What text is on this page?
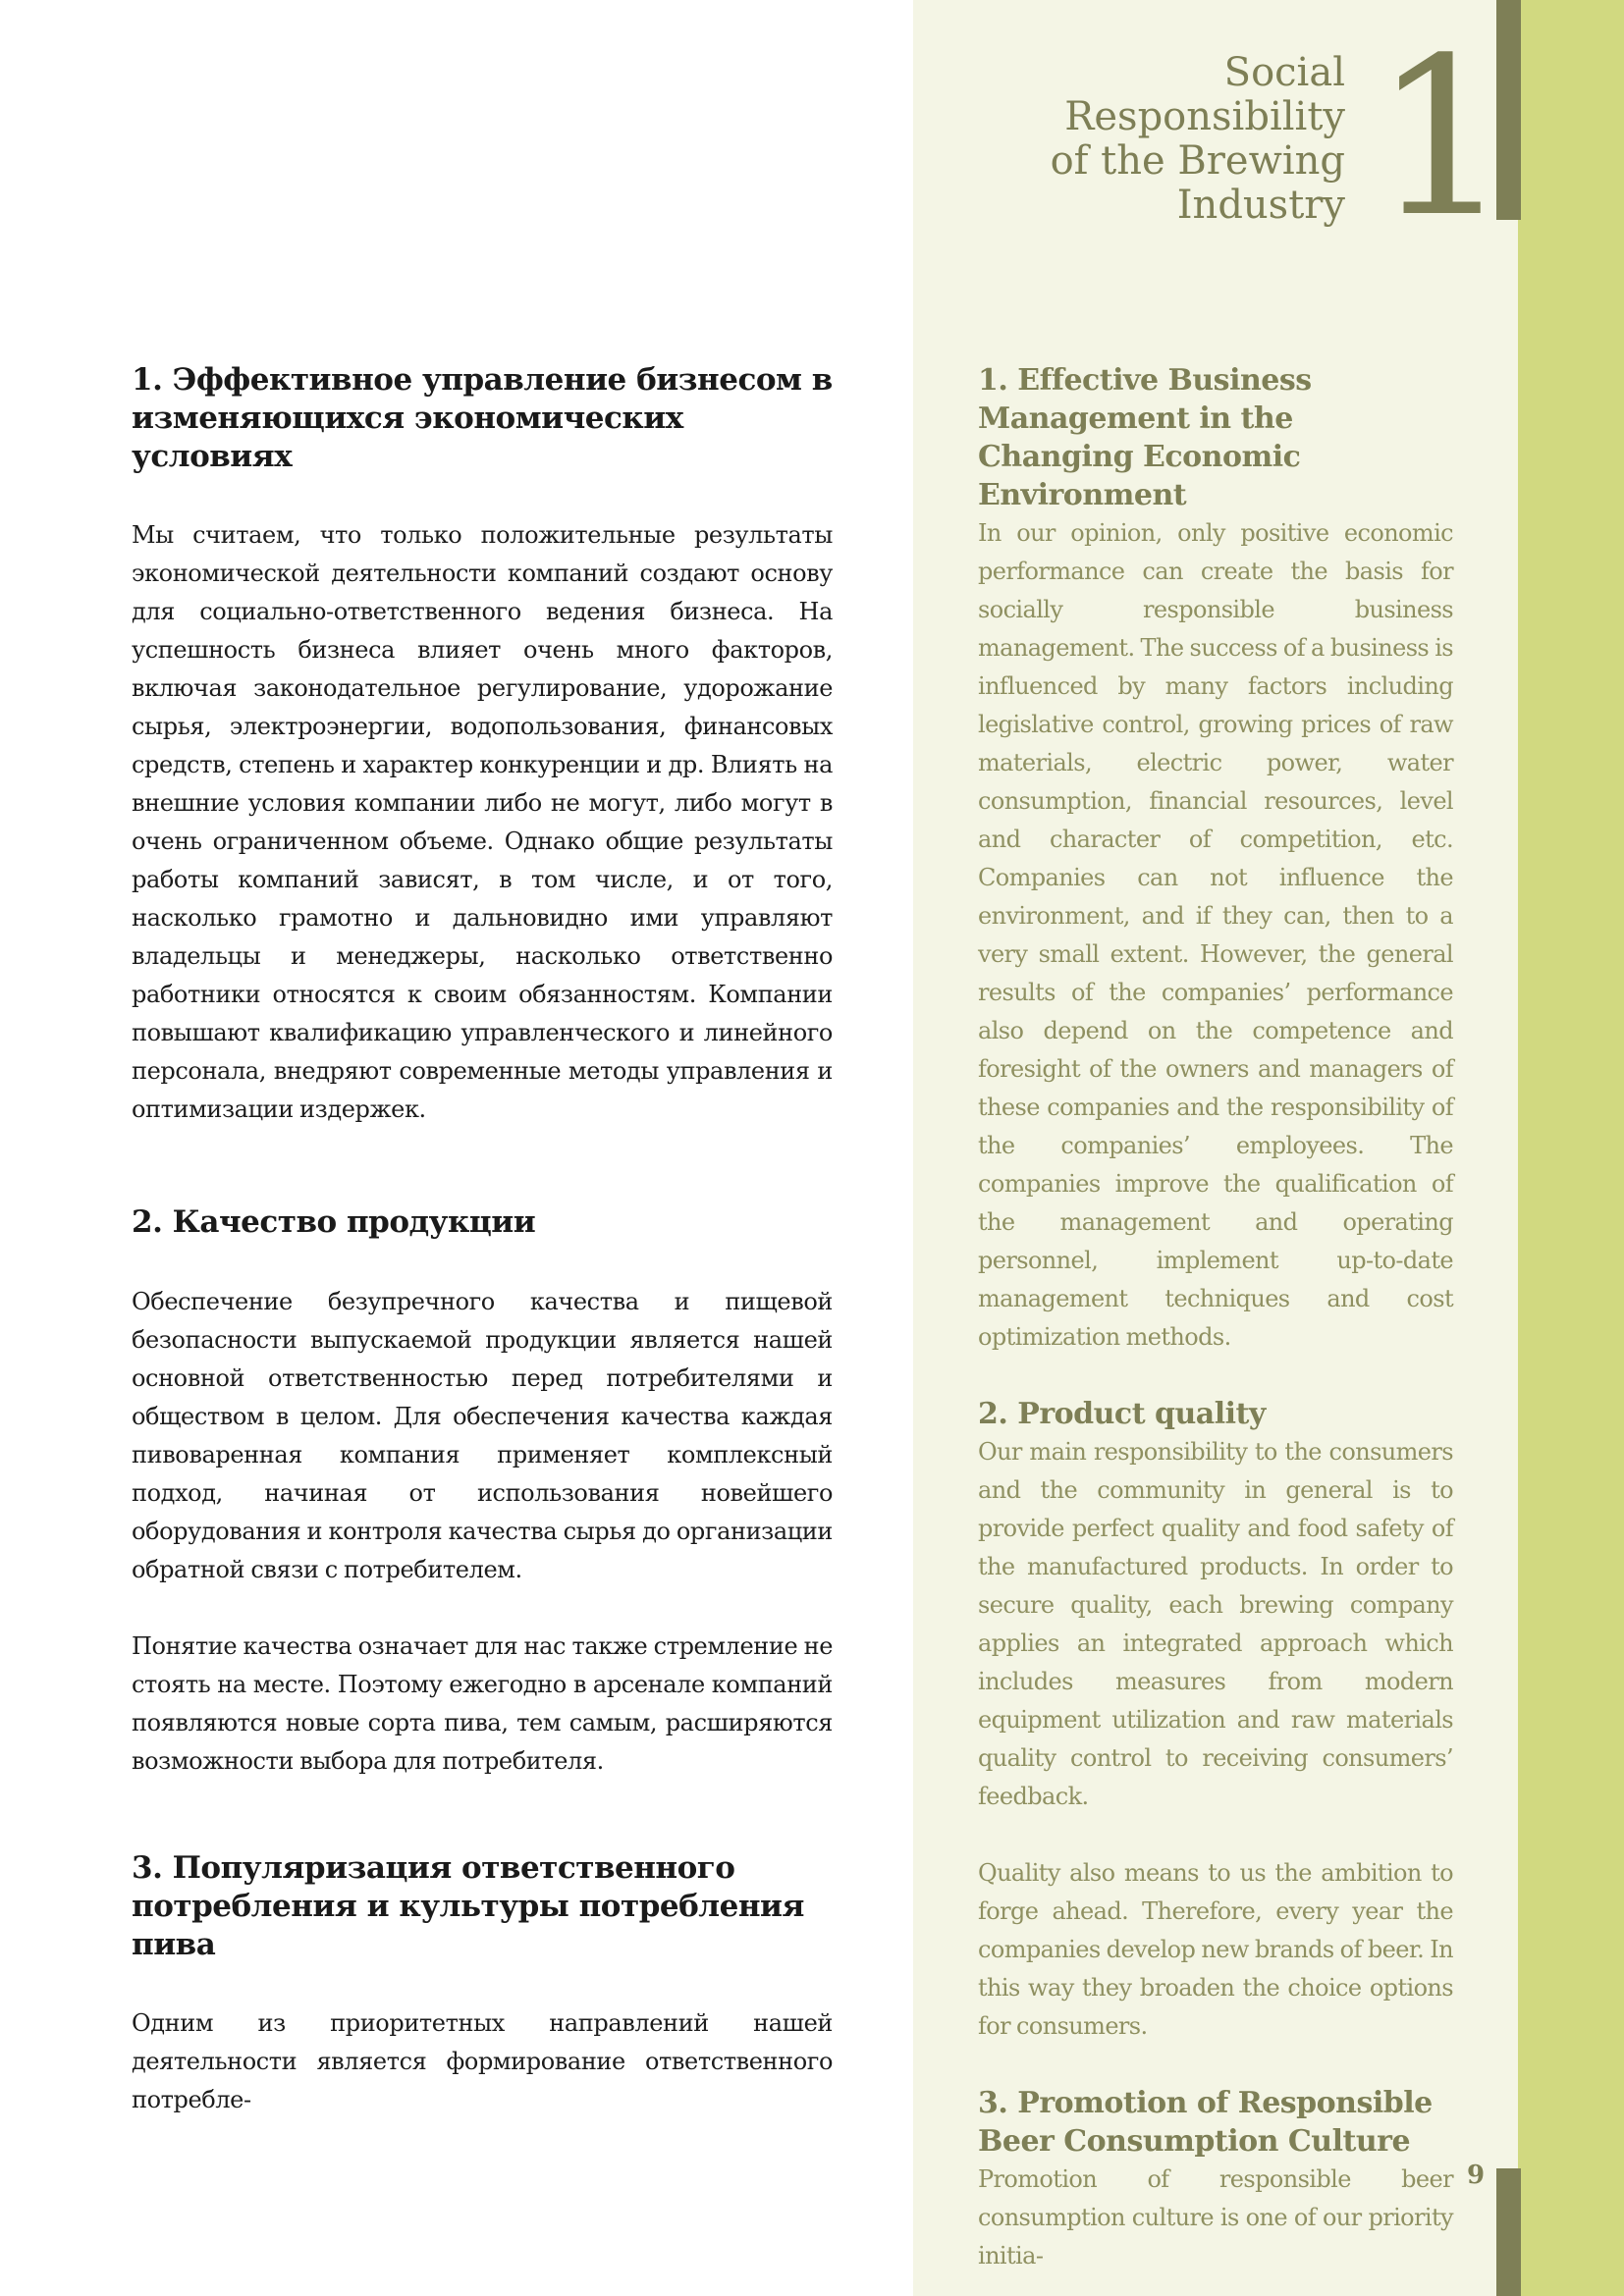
Social
Responsibility
of the Brewing
Industry 1
1. Эффективное управление бизнесом в изменяющихся экономических условиях

Мы считаем, что только положительные результаты экономической деятельности компаний создают основу для социально-ответственного ведения бизнеса. На успешность бизнеса влияет очень много факторов, включая законодательное регулирование, удорожание сырья, электроэнергии, водопользования, финансовых средств, степень и характер конкуренции и др. Влиять на внешние условия компании либо не могут, либо могут в очень ограниченном объеме. Однако общие результаты работы компаний зависят, в том числе, и от того, насколько грамотно и дальновидно ими управляют владельцы и менеджеры, насколько ответственно работники относятся к своим обязанностям. Компании повышают квалификацию управленческого и линейного персонала, внедряют современные методы управления и оптимизации издержек.

2. Качество продукции

Обеспечение безупречного качества и пищевой безопасности выпускаемой продукции является нашей основной ответственностью перед потребителями и обществом в целом. Для обеспечения качества каждая пивоваренная компания применяет комплексный подход, начиная от использования новейшего оборудования и контроля качества сырья до организации обратной связи с потребителем.

Понятие качества означает для нас также стремление не стоять на месте. Поэтому ежегодно в арсенале компаний появляются новые сорта пива, тем самым, расширяются возможности выбора для потребителя.

3. Популяризация ответственного потребления и культуры потребления пива

Одним из приоритетных направлений нашей деятельности является формирование ответственного потребле-

1. Effective Business Management in the Changing Economic Environment

In our opinion, only positive economic performance can create the basis for socially responsible business management. The success of a business is influenced by many factors including legislative control, growing prices of raw materials, electric power, water consumption, financial resources, level and character of competition, etc. Companies can not influence the environment, and if they can, then to a very small extent. However, the general results of the companies’ performance also depend on the competence and foresight of the owners and managers of these companies and the responsibility of the companies’ employees. The companies improve the qualification of the management and operating personnel, implement up-to-date management techniques and cost optimization methods.

2. Product quality

Our main responsibility to the consumers and the community in general is to provide perfect quality and food safety of the manufactured products. In order to secure quality, each brewing company applies an integrated approach which includes measures from modern equipment utilization and raw materials quality control to receiving consumers’ feedback.

Quality also means to us the ambition to forge ahead. Therefore, every year the companies develop new brands of beer. In this way they broaden the choice options for consumers.

3. Promotion of Responsible Beer Consumption Culture

Promotion of responsible beer consumption culture is one of our priority initia-

9
